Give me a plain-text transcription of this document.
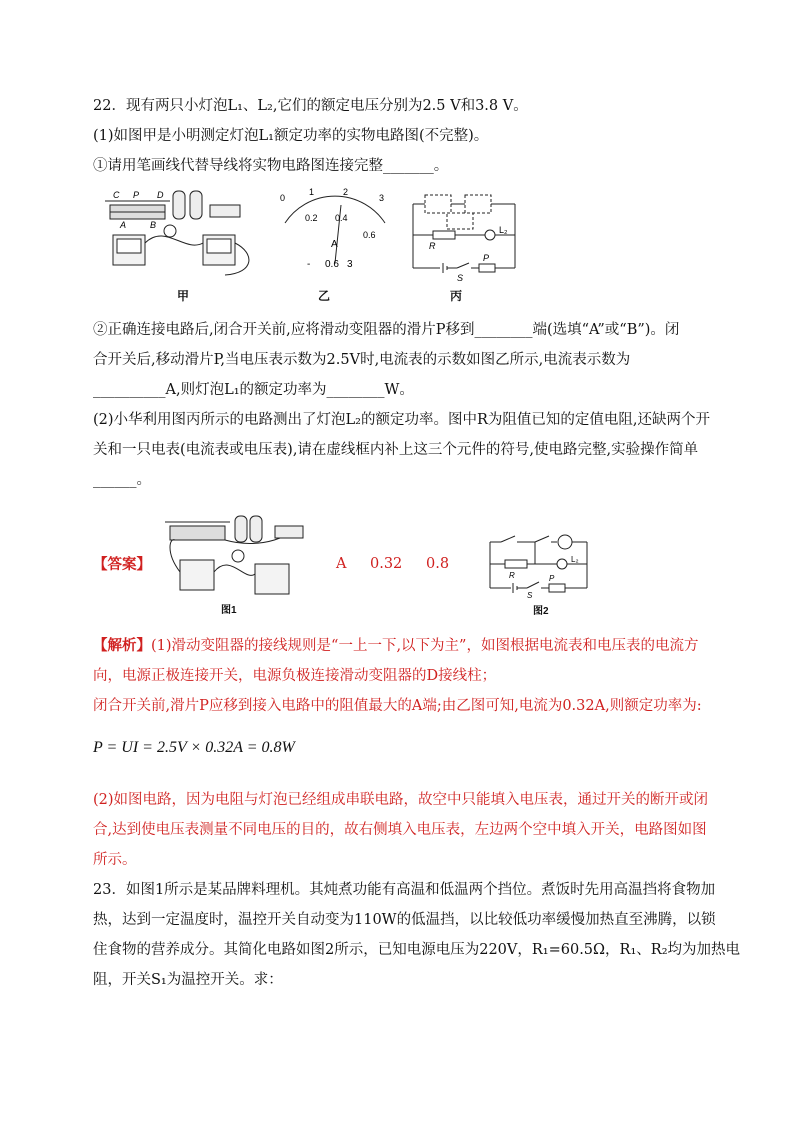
22．现有两只小灯泡L₁、L₂,它们的额定电压分别为2.5 V和3.8 V。
(1)如图甲是小明测定灯泡L₁额定功率的实物电路图(不完整)。
①请用笔画线代替导线将实物电路图连接完整_______。
C P D
A	B
0
1	2
3
0.2 0.4
0.6
A
- 0.6 3
R
L₂
S
P
甲	乙	丙
②正确连接电路后,闭合开关前,应将滑动变阻器的滑片P移到________端(选填“A”或“B”)。闭
合开关后,移动滑片P,当电压表示数为2.5V时,电流表的示数如图乙所示,电流表示数为
__________A,则灯泡L₁的额定功率为________W。
(2)小华利用图丙所示的电路测出了灯泡L₂的额定功率。图中R为阻值已知的定值电阻,还缺两个开
关和一只电表(电流表或电压表),请在虚线框内补上这三个元件的符号,使电路完整,实验操作简单
______。
【答案】
图1
A 0.32 0.8
R
L₂
S
P
图2
【解析】(1)滑动变阻器的接线规则是“一上一下,以下为主”，如图根据电流表和电压表的电流方
向，电源正极连接开关，电源负极连接滑动变阻器的D接线柱；
闭合开关前,滑片P应移到接入电路中的阻值最大的A端;由乙图可知,电流为0.32A,则额定功率为:
P = UI = 2.5V × 0.32A = 0.8W
(2)如图电路，因为电阻与灯泡已经组成串联电路，故空中只能填入电压表，通过开关的断开或闭
合,达到使电压表测量不同电压的目的，故右侧填入电压表，左边两个空中填入开关，电路图如图
所示。
23．如图1所示是某品牌料理机。其炖煮功能有高温和低温两个挡位。煮饭时先用高温挡将食物加
热，达到一定温度时，温控开关自动变为110W的低温挡，以比较低功率缓慢加热直至沸腾，以锁
住食物的营养成分。其简化电路如图2所示，已知电源电压为220V，R₁=60.5Ω，R₁、R₂均为加热电
阻，开关S₁为温控开关。求：
